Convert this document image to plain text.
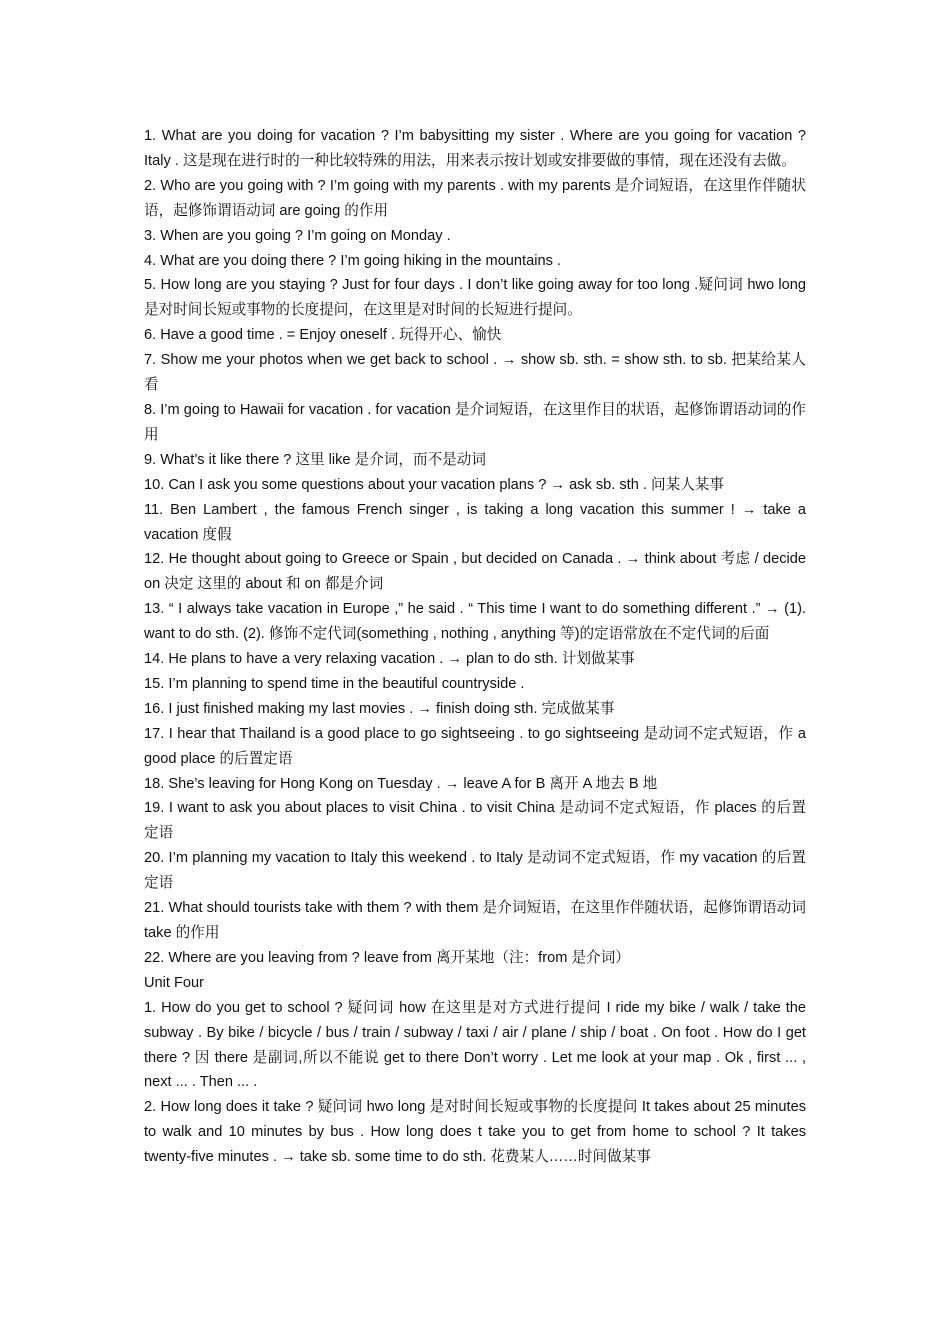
1. What are you doing for vacation ? I’m babysitting my sister . Where are you going for vacation ? Italy . 这是现在进行时的一种比较特殊的用法，用来表示按计划或安排要做的事情，现在还没有去做。

2. Who are you going with ? I’m going with my parents . with my parents 是介词短语，在这里作伴随状语，起修饰谓语动词 are going 的作用

3. When are you going ? I’m going on Monday .

4. What are you doing there ? I’m going hiking in the mountains .

5. How long are you staying ? Just for four days . I don’t like going away for too long .疑问词 hwo long 是对时间长短或事物的长度提问，在这里是对时间的长短进行提问。

6. Have a good time . = Enjoy oneself . 玩得开心、愉快

7. Show me your photos when we get back to school . → show sb. sth. = show sth. to sb. 把某给某人看

8. I’m going to Hawaii for vacation . for vacation 是介词短语，在这里作目的状语，起修饰谓语动词的作用

9. What’s it like there ? 这里 like 是介词，而不是动词

10. Can I ask you some questions about your vacation plans ? → ask sb. sth . 问某人某事

11. Ben Lambert , the famous French singer , is taking a long vacation this summer ! → take a vacation 度假

12. He thought about going to Greece or Spain , but decided on Canada . → think about 考虑 / decide on 决定 这里的 about 和 on 都是介词

13. “ I always take vacation in Europe ,” he said . “ This time I want to do something different .” → (1). want to do sth. (2). 修饰不定代词(something , nothing , anything 等)的定语常放在不定代词的后面

14. He plans to have a very relaxing vacation . → plan to do sth. 计划做某事

15. I’m planning to spend time in the beautiful countryside .

16. I just finished making my last movies . → finish doing sth. 完成做某事

17. I hear that Thailand is a good place to go sightseeing . to go sightseeing 是动词不定式短语，作 a good place 的后置定语

18. She’s leaving for Hong Kong on Tuesday . → leave A for B 离开 A 地去 B 地

19. I want to ask you about places to visit China . to visit China 是动词不定式短语，作 places 的后置定语

20. I’m planning my vacation to Italy this weekend . to Italy 是动词不定式短语，作 my vacation 的后置定语

21. What should tourists take with them ? with them 是介词短语，在这里作伴随状语，起修饰谓语动词 take 的作用

22. Where are you leaving from ? leave from 离开某地（注：from 是介词）

Unit Four

1. How do you get to school ? 疑问词 how 在这里是对方式进行提问 I ride my bike / walk / take the subway . By bike / bicycle / bus / train / subway / taxi / air / plane / ship / boat . On foot . How do I get there ? 因 there 是副词,所以不能说 get to there Don’t worry . Let me look at your map . Ok , first ... , next ... . Then ... .

2. How long does it take ? 疑问词 hwo long 是对时间长短或事物的长度提问 It takes about 25 minutes to walk and 10 minutes by bus . How long does t take you to get from home to school ? It takes twenty-five minutes . → take sb. some time to do sth. 花费某人……时间做某事
